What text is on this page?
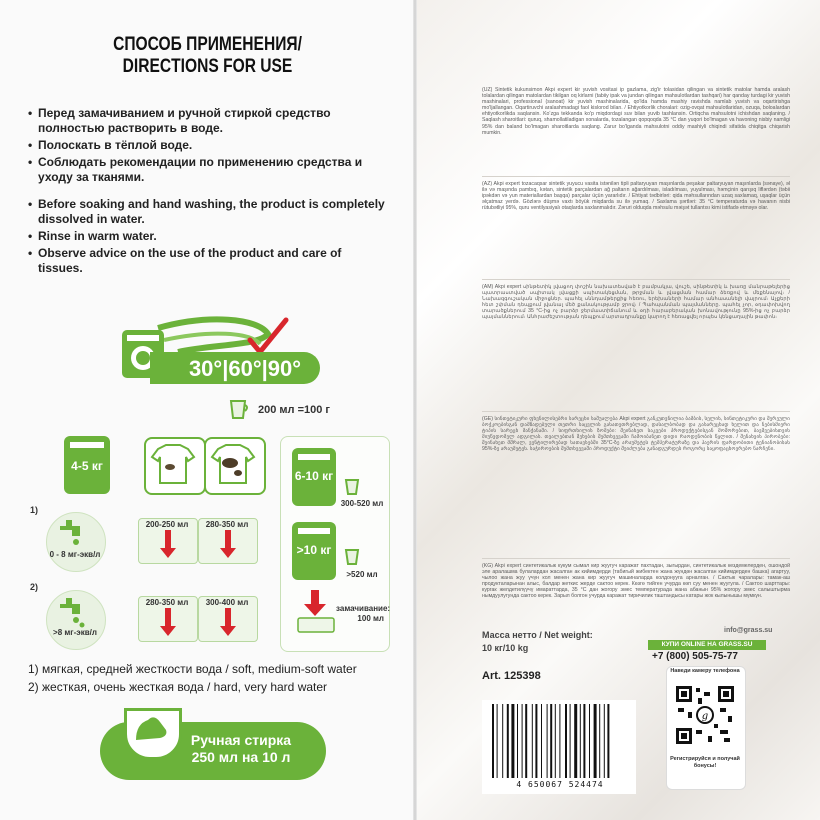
СПОСОБ ПРИМЕНЕНИЯ/
DIRECTIONS FOR USE
• Перед замачиванием и ручной стиркой средство полностью растворить в воде.
• Полоскать в тёплой воде.
• Соблюдать рекомендации по применению средства и уходу за тканями.
• Before soaking and hand washing, the product is completely dissolved in water.
• Rinse in warm water.
• Observe advice on the use of the product and care of tissues.
30°|60°|90°
200 мл =100 г
4-5 кг
1)
0 - 8 мг-экв/л
200-250 мл	280-350 мл
2)
>8 мг-экв/л
280-350 мл	300-400 мл
6-10 кг
300-520 мл
>10 кг
>520 мл
замачивание:
100 мл
1) мягкая, средней жесткости вода / soft, medium-soft water
2) жесткая, очень жесткая вода / hard, very hard water
Ручная стирка
250 мл на 10 л
(UZ) Sintetik kukunsimon Akpi expert kir yuvish vositasi ip gazlama, zig'ir tolasidan qilingan va sintetik matolar hamda aralash tolalardan qilingan matolardan tikilgan oq kirlarni (tabiiy ipak va jundan qilingan mahsulotlardan tashqari) har qanday turdagi kir yuvish mashinalari, professional (sanoat) kir yuvish mashinalarida, qo'lda hamda mashiy ravishda namlab yuvish va oqartirishga mo'ljallangan. Oqartiruvchi aralashmadagi faol kislorod bilan. / Ehtiyotkorlik choralari: ozig-ovqat mahsulotlaridan, ozuqa, boloalardan ehtiyotkorlikda saqlansin. Koʻzga tekkanda ko'p miqdordagi suv bilan yuvib tashlansin. Ortiqcha mahsulotni ichishdan saqlaning. / Saqlash sharoitlari: quruq, shamollatiladigan xonalarda, tozalangan qopqoqda 35 °C dan yuqori bo'lmagan va havoning nisbiy namligi 95% dan baland bo'lmagan sharoitlarda saqlang. Zarur bo'lganda mahsulotni oddiy mashiyli chiqindi sifatida chiqitga chiqarish mumkin.
(AZ) Akpi expert tozacaqsar sintetik yuyucu vasita istənilən tipli paltaryuyan maşınlarda peşakar paltaryuyan maşınlarda (sənaye), əl ilə və maşında pambıq, kətan, sintetik parçalardan ağ paltarın ağardılması, isladılması, yuyulması, həmçinin qarışıq liflərdən (təbii ipəkdən və yun materiallardan başqa) parçalar üçün yararlıdır. / Ehtiyat tədbirləri: qida məhsullarından uzaq saxlamaq, uşaqlar üçün əlçatmaz yerdə. Gözlərə düşmə vaxtı böyük miqdarda su ilə yumaq. / Saxlama şərtləri: 35 °C temperaturda və havanın nisbi rütubətliyi 95%, quru ventilyasiyalı otaqlarda saxlanmalıdır. Zəruri olduqda məhsulu məişət tullantısı kimi istifadə etməyə olar.
(AM) Akpi expert սինթետիկ լվացող փոշին նախատեսված է բամբակյա, վուշե, սինթետիկ և խառը մանրաթելերից պատրաստված սպիտակ լվացքի սպիտակեցման, թրջման և լվացման համար ձեռքով և մեքենայով։ / Նախազգուշական միջոցներ. պահել սննդամթերքից հեռու, երեխաների համար անհասանելի վայրում։ Աչքերի հետ շփման դեպքում լվանալ մեծ քանակությամբ ջրով։ / Պահպանման պայմանները. պահել չոր, օդափոխվող տարածքներում 35 °C-ից ոչ բարձր ջերմաստիճանում և օդի հարաբերական խոնավությունը 95%-ից ոչ բարձր պայմաններում։ Անհրաժեշտության դեպքում արտադրանքը կարող է հեռացվել որպես կենցաղային թափոն։
(GE) სინთეტიკური ფხვნილისებრი სარეცხი საშუალება Akpi expert განკუთვნილია ბამბის, სელის, სინთეტიკური და შერეული ბოჭკოებისგან დამზადებული თეთრი საცვლის გასათეთრებლად, დასალბობად და გასარეცხად ხელით და ნებისმიერი ტიპის სარეცხ მანქანაში. / სიფრთხილის ზომები: შეინახეთ საკვები პროდუქტებისგან მოშორებით, ბავშვებისთვის მიუწვდომელ ადგილას. თვალებთან შეხების შემთხვევაში ჩამოიბანეთ დიდი რაოდენობის წყლით. / შენახვის პირობები: შეინახეთ მშრალ, ვენტილირებად სათავსებში 35°C-ზე არაუმეტეს ტემპერატურაზე და ჰაერის ფარდობითი ტენიანობისას 95%-ზე არაუმეტეს. საჭიროების შემთხვევაში პროდუქტი შეიძლება განადგურდეს როგორც საყოფაცხოვრებო ნარჩენი.
(KG) Akpi expert синтетикалык кукум сымал кир жуугуч каражат пахтадан, зыгырдан, синтетикалык кездемелерден, ошондой эле аралашма булалардан жасалган ак кийимдерди (табигый жибектен жана жүндөн жасалган кийимдерден башка) агартуу, чылоо жана жуу үчүн кол менен жана кир жуугуч машиналарда колдонууга арналган. / Сактык чаралары: тамак-аш продукталарынан алыс, балдар жеткис жерде сактоо керек. Көзгө тийген учурда көп суу менен жуугула. / Сактоо шарттары: кургак желдетилүүчү имараттарда, 35 °C дан жогору эмес температурада жана абанын 95% жогору эмес салыштырма нымдуулугунда сактоо керек. Зарыл болгон учурда каражат тиричилик таштандысы катары жок кылынышы мүмкүн.
Масса нетто / Net weight:
10 кг/10 kg
Art. 125398
info@grass.su
КУПИ ONLINE НА GRASS.SU
+7 (800) 505-75-77
Наведи камеру телефона
g
Регистрируйся и получай бонусы!
4 650067 524474
